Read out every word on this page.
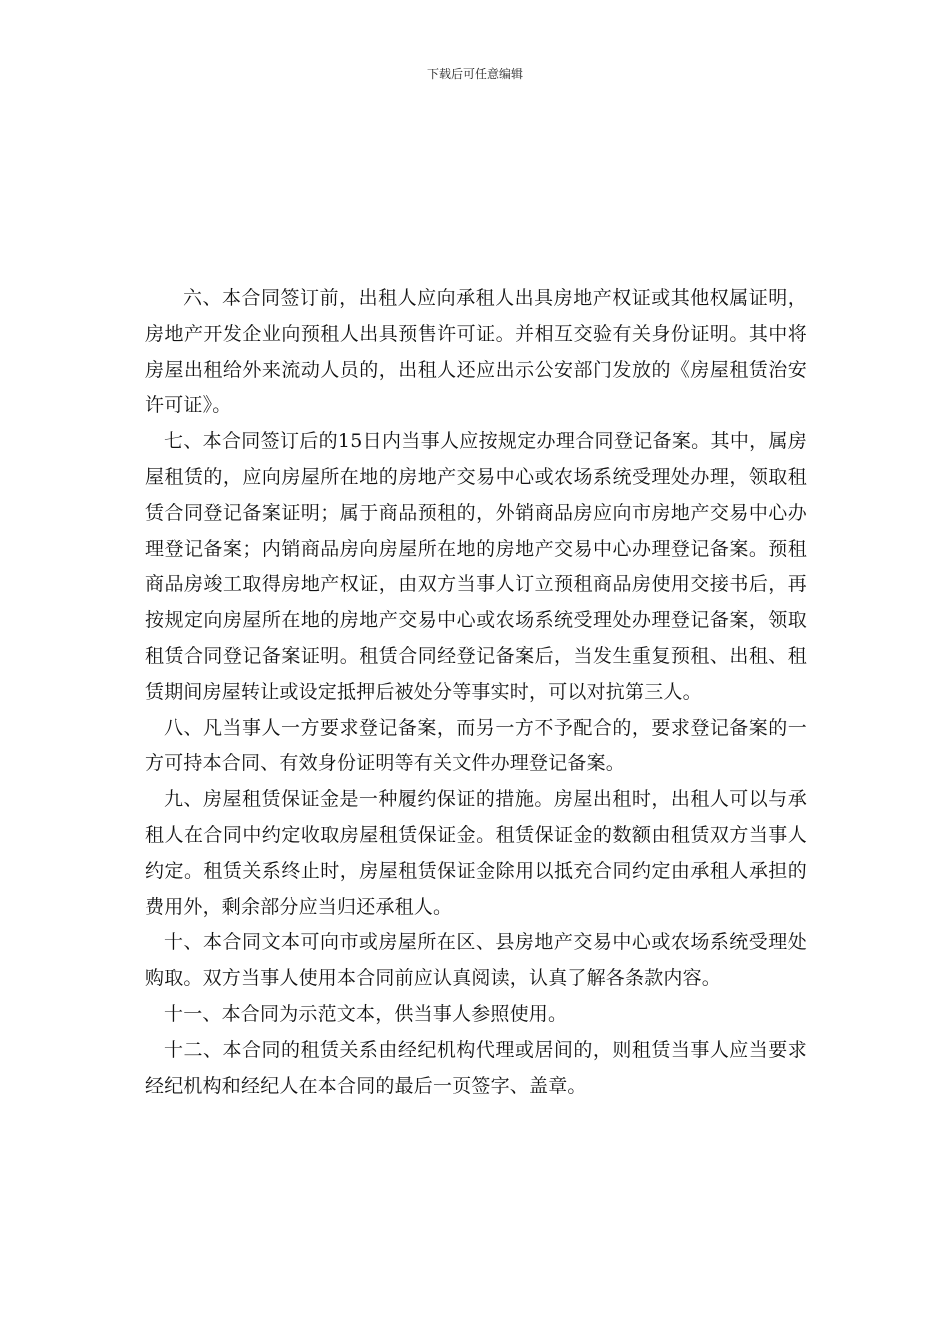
下载后可任意编辑

六、本合同签订前，出租人应向承租人出具房地产权证或其他权属证明，房地产开发企业向预租人出具预售许可证。并相互交验有关身份证明。其中将房屋出租给外来流动人员的，出租人还应出示公安部门发放的《房屋租赁治安许可证》。

七、本合同签订后的15日内当事人应按规定办理合同登记备案。其中，属房屋租赁的，应向房屋所在地的房地产交易中心或农场系统受理处办理，领取租赁合同登记备案证明；属于商品预租的，外销商品房应向市房地产交易中心办理登记备案；内销商品房向房屋所在地的房地产交易中心办理登记备案。预租商品房竣工取得房地产权证，由双方当事人订立预租商品房使用交接书后，再按规定向房屋所在地的房地产交易中心或农场系统受理处办理登记备案，领取租赁合同登记备案证明。租赁合同经登记备案后，当发生重复预租、出租、租赁期间房屋转让或设定抵押后被处分等事实时，可以对抗第三人。

八、凡当事人一方要求登记备案，而另一方不予配合的，要求登记备案的一方可持本合同、有效身份证明等有关文件办理登记备案。

九、房屋租赁保证金是一种履约保证的措施。房屋出租时，出租人可以与承租人在合同中约定收取房屋租赁保证金。租赁保证金的数额由租赁双方当事人约定。租赁关系终止时，房屋租赁保证金除用以抵充合同约定由承租人承担的费用外，剩余部分应当归还承租人。

十、本合同文本可向市或房屋所在区、县房地产交易中心或农场系统受理处购取。双方当事人使用本合同前应认真阅读，认真了解各条款内容。

十一、本合同为示范文本，供当事人参照使用。

十二、本合同的租赁关系由经纪机构代理或居间的，则租赁当事人应当要求经纪机构和经纪人在本合同的最后一页签字、盖章。
